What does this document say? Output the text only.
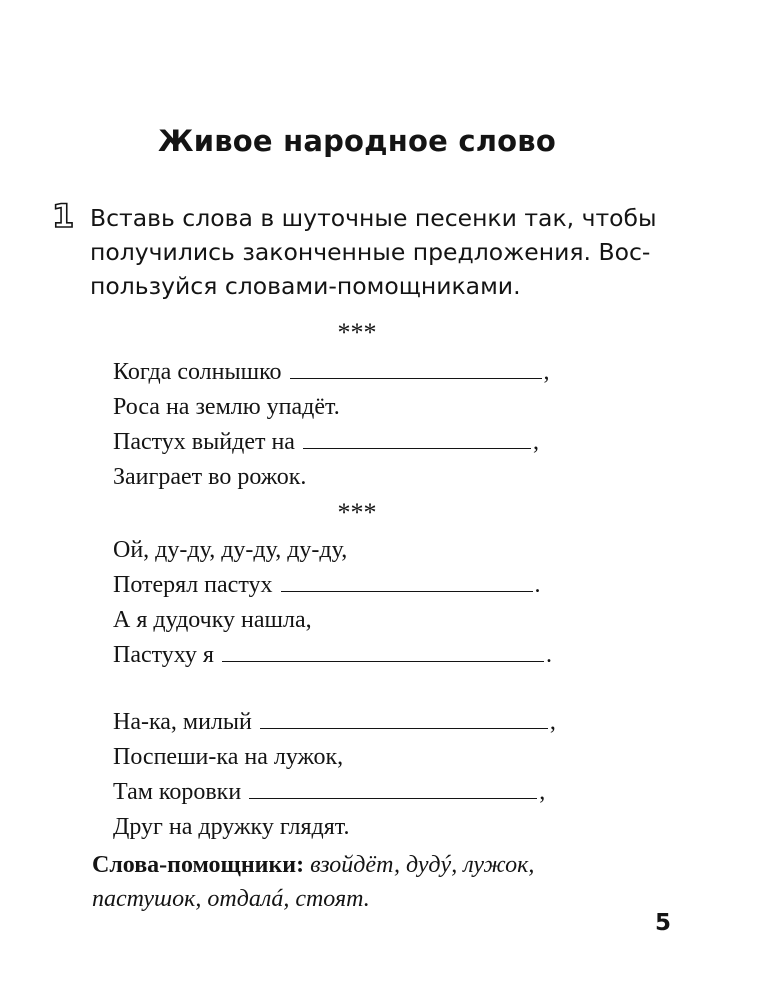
Живое народное слово
1 Вставь слова в шуточные песенки так, чтобы
получились законченные предложения. Вос-
пользуйся словами-помощниками.
***
Когда солнышко	,
Роса на землю упадёт.
Пастух выйдет на	,
Заиграет во рожок.
***
Ой, ду-ду, ду-ду, ду-ду,
Потерял пастух	.
А я дудочку нашла,
Пастуху я	.
На-ка, милый	,
Поспеши-ка на лужок,
Там коровки	,
Друг на дружку глядят.
Слова-помощники: взойдёт, дудý, лужок,
пастушок, отдалá, стоят.
5
